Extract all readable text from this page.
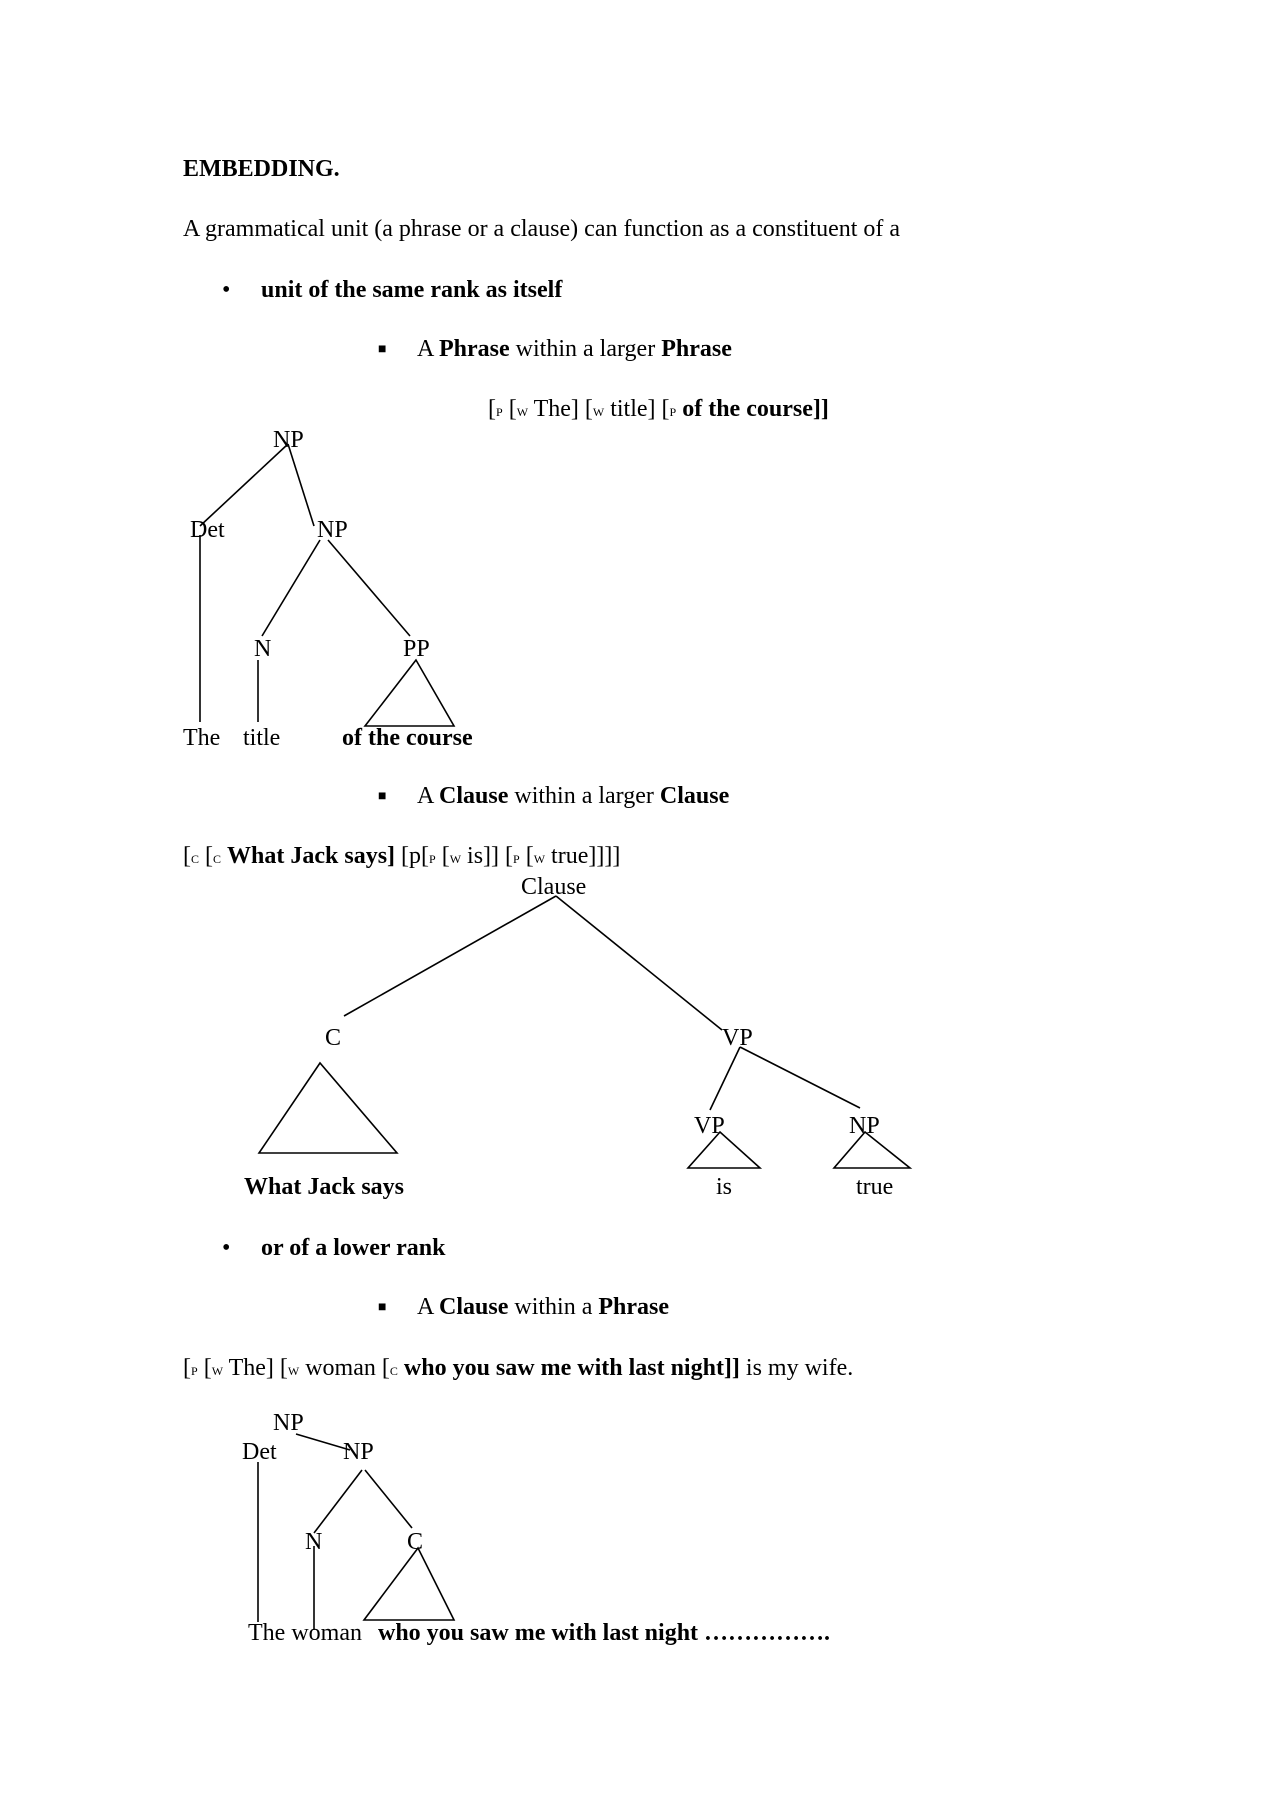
EMBEDDING.
A grammatical unit (a phrase or a clause) can function as a constituent of a
• unit of the same rank as itself
■ A Phrase within a larger Phrase
[P [W The] [W title] [P of the course]]
NP
Det	NP
N	PP
The title	of the course
■ A Clause within a larger Clause
[C [C What Jack says] [p[P [W is]] [P [W true]]]]
Clause
C	VP
VP	NP
What Jack says	is	true
• or of a lower rank
■ A Clause within a Phrase
[P [W The] [W woman [C who you saw me with last night]] is my wife.
NP
Det	NP
N	C
The woman who you saw me with last night …………….
